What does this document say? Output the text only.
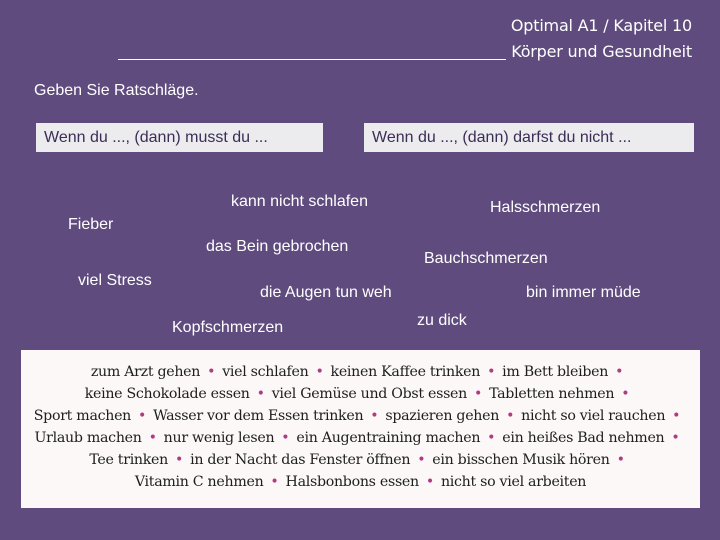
Optimal A1 / Kapitel 10
Körper und Gesundheit
Geben Sie Ratschläge.
Wenn du ..., (dann) musst du ...	Wenn du ..., (dann) darfst du nicht ...
kann nicht schlafen	Halsschmerzen
Fieber
das Bein gebrochen
Bauchschmerzen
viel Stress
die Augen tun weh	bin immer müde
zu dick
Kopfschmerzen
zum Arzt gehen • viel schlafen • keinen Kaffee trinken • im Bett bleiben •
keine Schokolade essen • viel Gemüse und Obst essen • Tabletten nehmen •
Sport machen • Wasser vor dem Essen trinken • spazieren gehen • nicht so viel rauchen •
Urlaub machen • nur wenig lesen • ein Augentraining machen • ein heißes Bad nehmen •
Tee trinken • in der Nacht das Fenster öffnen • ein bisschen Musik hören •
Vitamin C nehmen • Halsbonbons essen • nicht so viel arbeiten
